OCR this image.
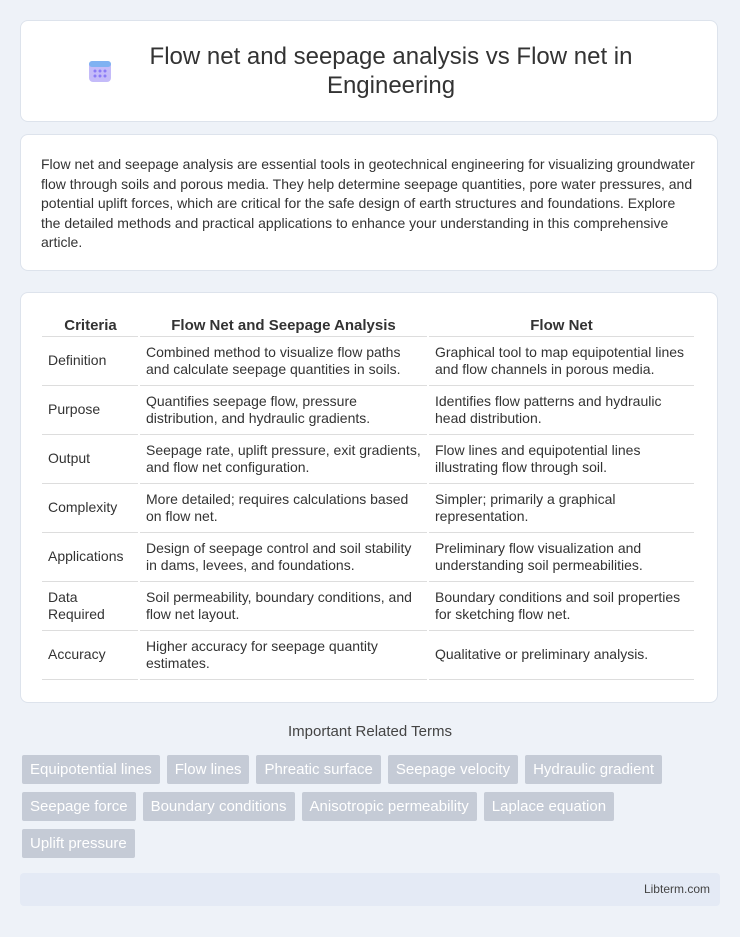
Flow net and seepage analysis vs Flow net in Engineering

Flow net and seepage analysis are essential tools in geotechnical engineering for visualizing groundwater flow through soils and porous media. They help determine seepage quantities, pore water pressures, and potential uplift forces, which are critical for the safe design of earth structures and foundations. Explore the detailed methods and practical applications to enhance your understanding in this comprehensive article.

Criteria	Flow Net and Seepage Analysis	Flow Net
Definition	Combined method to visualize flow paths and calculate seepage quantities in soils.	Graphical tool to map equipotential lines and flow channels in porous media.
Purpose	Quantifies seepage flow, pressure distribution, and hydraulic gradients.	Identifies flow patterns and hydraulic head distribution.
Output	Seepage rate, uplift pressure, exit gradients, and flow net configuration.	Flow lines and equipotential lines illustrating flow through soil.
Complexity	More detailed; requires calculations based on flow net.	Simpler; primarily a graphical representation.
Applications	Design of seepage control and soil stability in dams, levees, and foundations.	Preliminary flow visualization and understanding soil permeabilities.
Data Required	Soil permeability, boundary conditions, and flow net layout.	Boundary conditions and soil properties for sketching flow net.
Accuracy	Higher accuracy for seepage quantity estimates.	Qualitative or preliminary analysis.
Important Related Terms
Equipotential lines	Flow lines	Phreatic surface	Seepage velocity	Hydraulic gradient
Seepage force	Boundary conditions	Anisotropic permeability	Laplace equation
Uplift pressure
Libterm.com
